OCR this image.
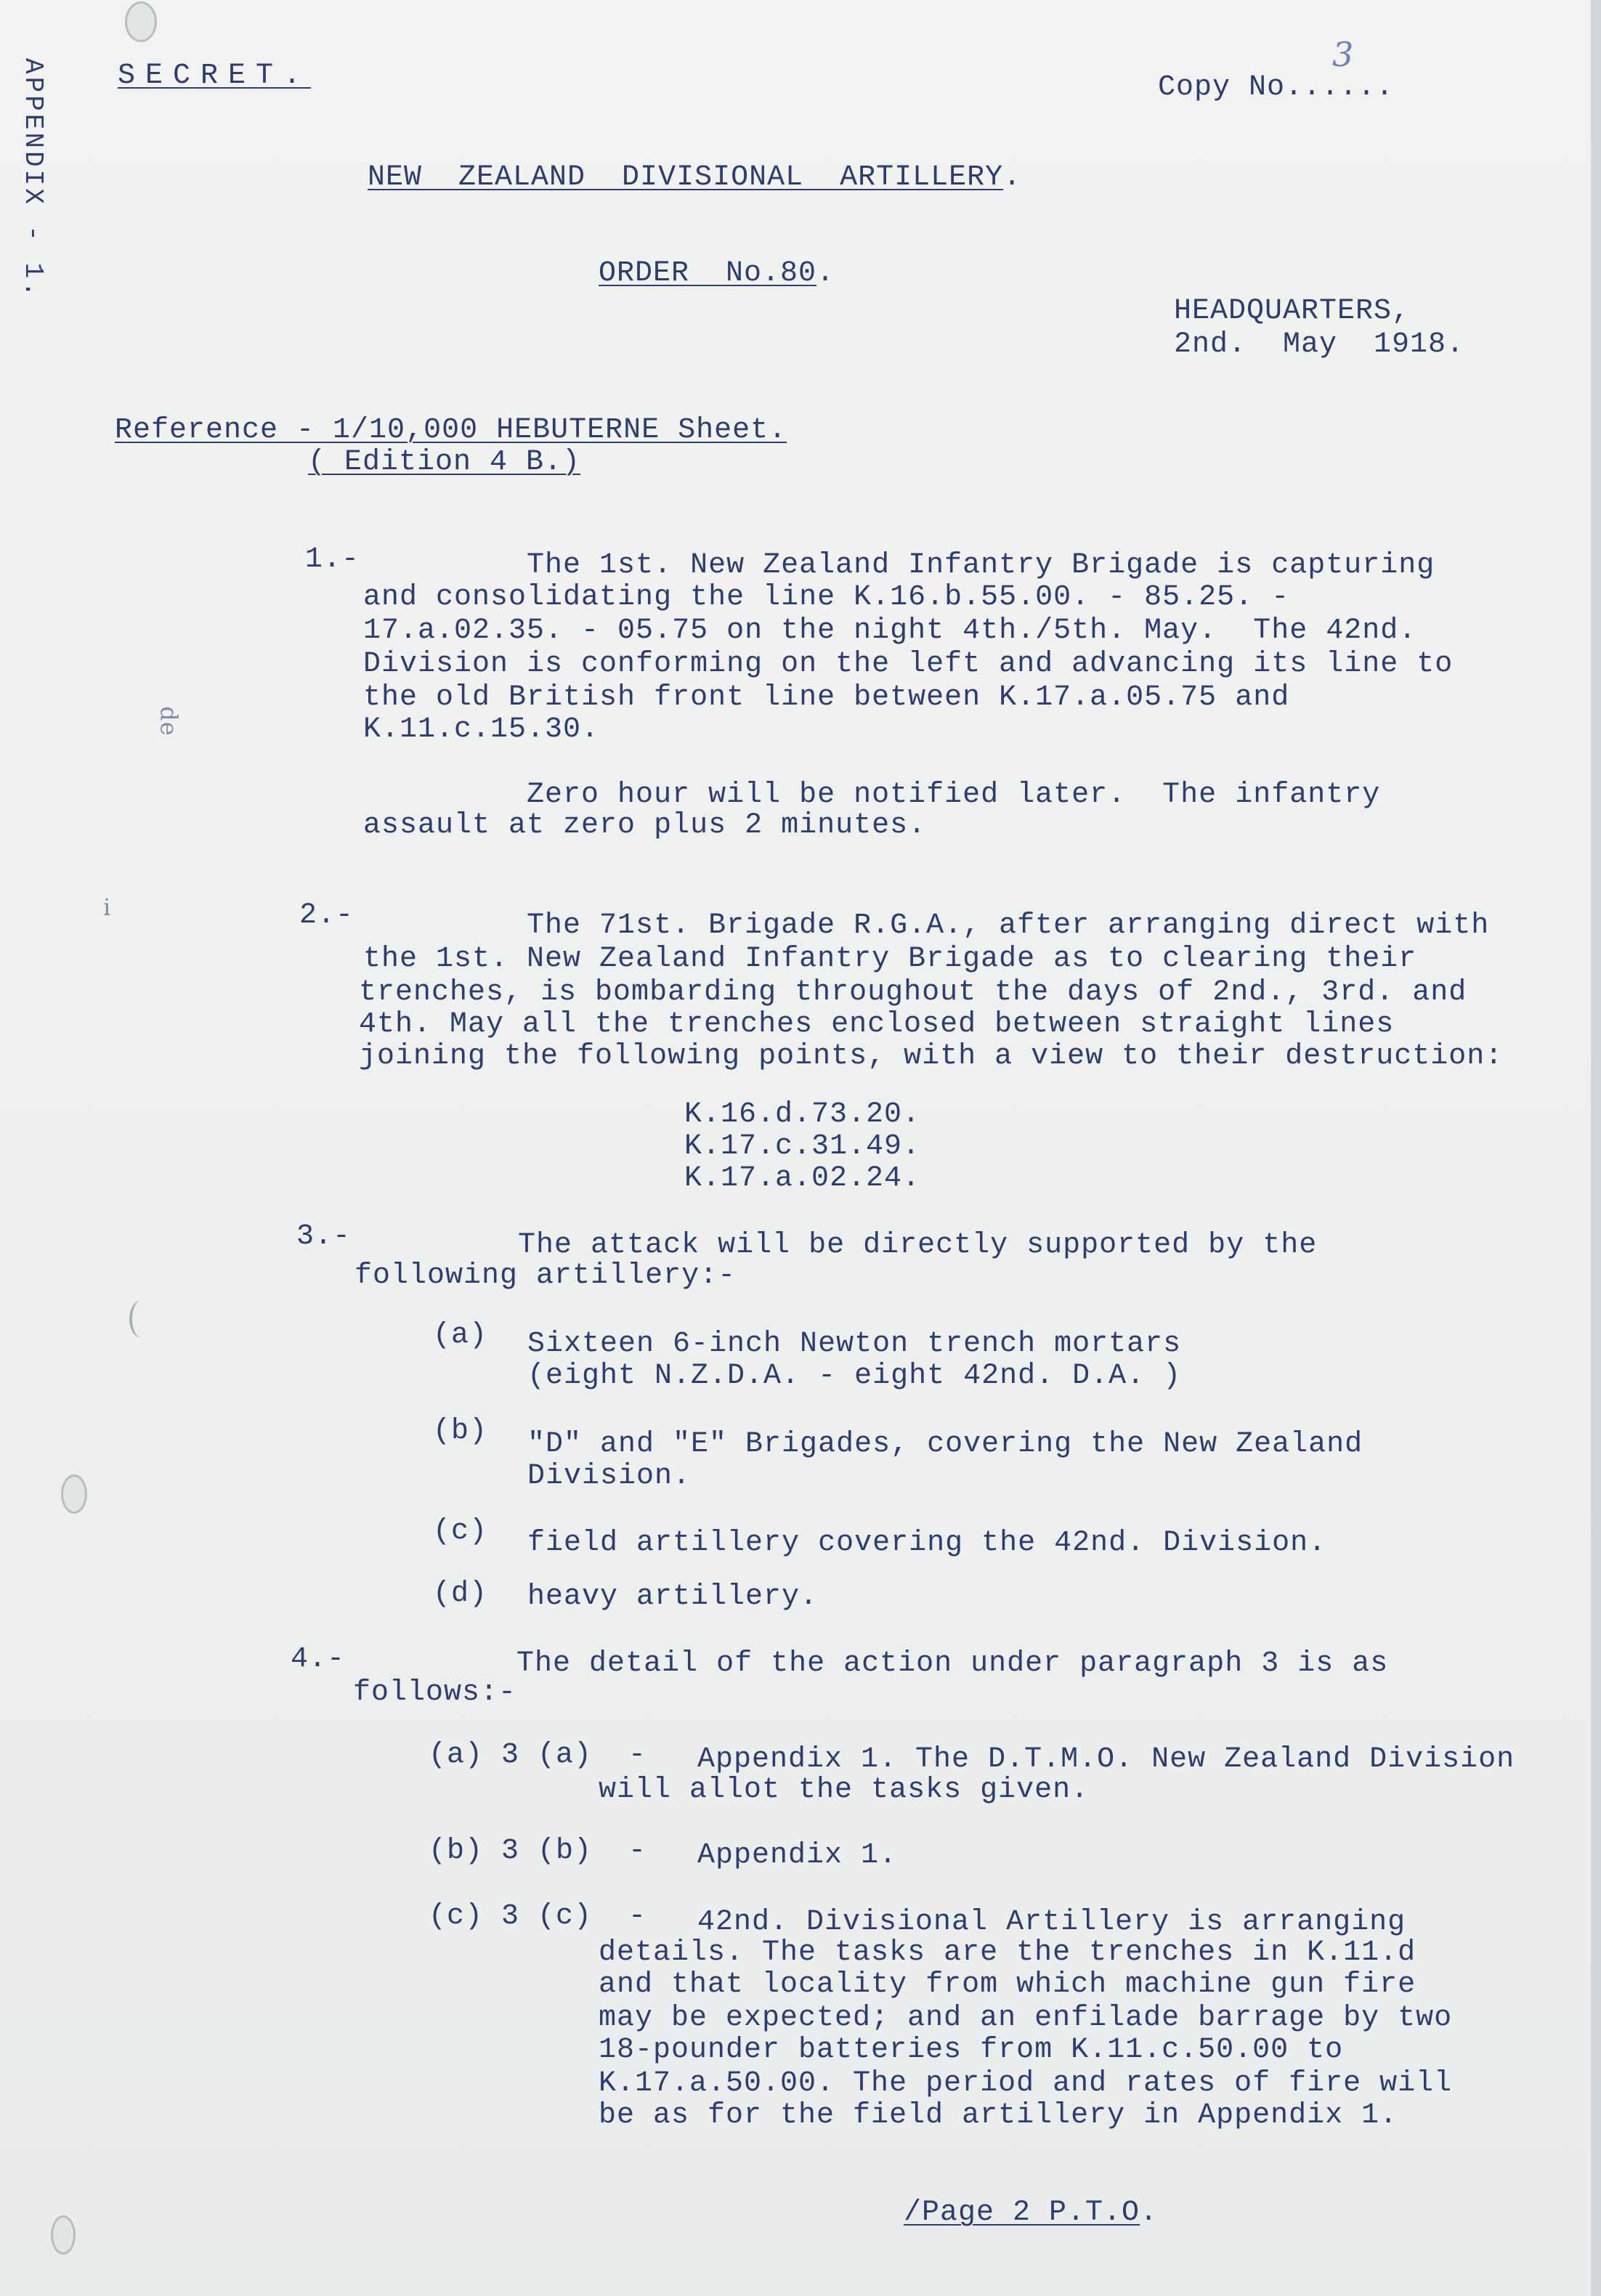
APPENDIX - 1.
de
i
SECRET.	Copy No......
3
NEW  ZEALAND  DIVISIONAL  ARTILLERY.
ORDER  No.80.
HEADQUARTERS,
2nd.  May  1918.
Reference - 1/10,000 HEBUTERNE Sheet.
( Edition 4 B.)
1.- The 1st. New Zealand Infantry Brigade is capturing
and consolidating the line K.16.b.55.00. - 85.25. -
17.a.02.35. - 05.75 on the night 4th./5th. May.  The 42nd.
Division is conforming on the left and advancing its line to
the old British front line between K.17.a.05.75 and
K.11.c.15.30.
Zero hour will be notified later.  The infantry
assault at zero plus 2 minutes.
2.- The 71st. Brigade R.G.A., after arranging direct with
the 1st. New Zealand Infantry Brigade as to clearing their
trenches, is bombarding throughout the days of 2nd., 3rd. and
4th. May all the trenches enclosed between straight lines
joining the following points, with a view to their destruction:
K.16.d.73.20.
K.17.c.31.49.
K.17.a.02.24.
3.- The attack will be directly supported by the
following artillery:-
(a) Sixteen 6-inch Newton trench mortars
(eight N.Z.D.A. - eight 42nd. D.A. )
(b) "D" and "E" Brigades, covering the New Zealand
Division.
(c) field artillery covering the 42nd. Division.
(d) heavy artillery.
4.- The detail of the action under paragraph 3 is as
follows:-
(a) 3 (a)  - Appendix 1. The D.T.M.O. New Zealand Division
will allot the tasks given.
(b) 3 (b)  - Appendix 1.
(c) 3 (c)  - 42nd. Divisional Artillery is arranging
details. The tasks are the trenches in K.11.d
and that locality from which machine gun fire
may be expected; and an enfilade barrage by two
18-pounder batteries from K.11.c.50.00 to
K.17.a.50.00. The period and rates of fire will
be as for the field artillery in Appendix 1.
/Page 2 P.T.O.
